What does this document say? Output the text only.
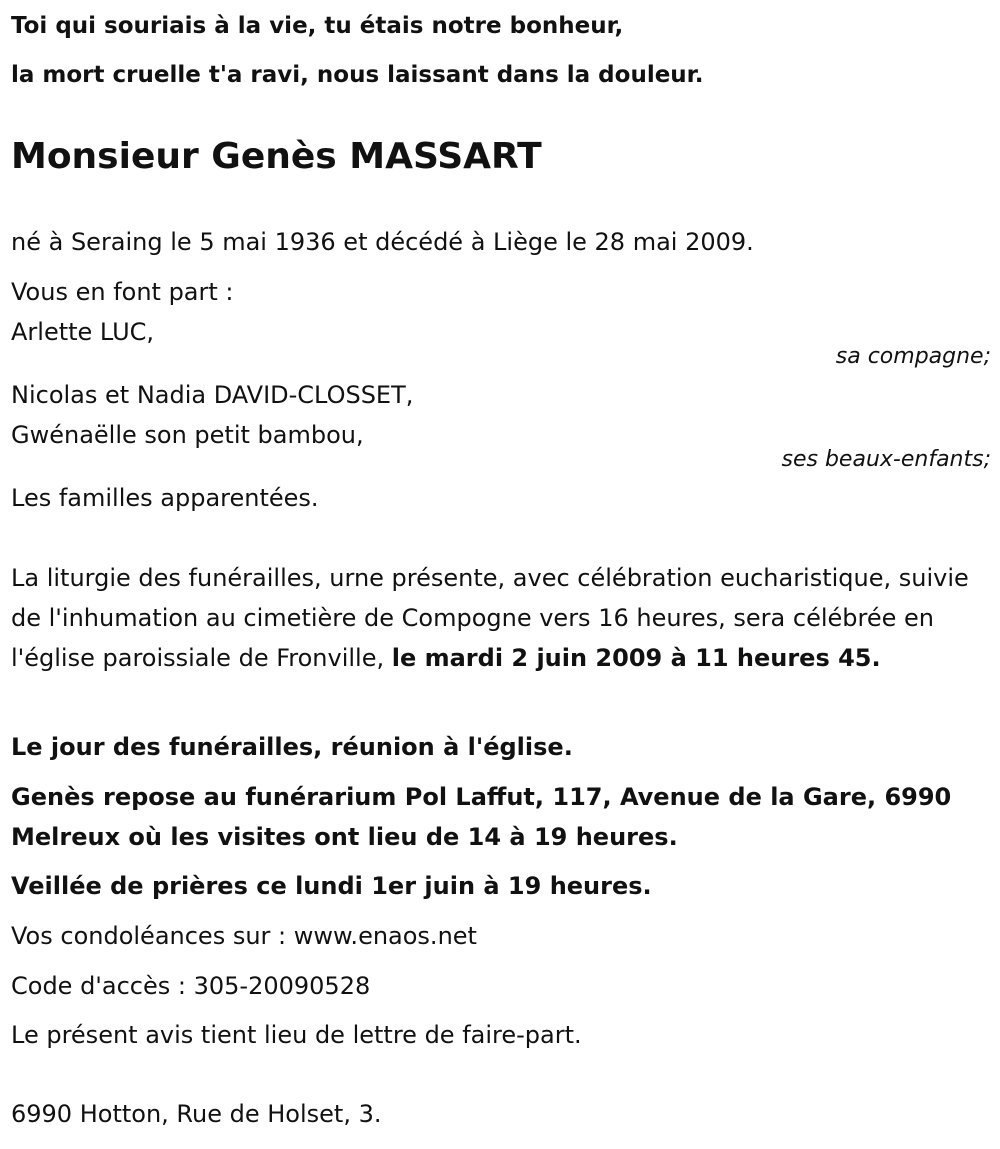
Toi qui souriais à la vie, tu étais notre bonheur,
la mort cruelle t'a ravi, nous laissant dans la douleur.
Monsieur Genès MASSART
né à Seraing le 5 mai 1936 et décédé à Liège le 28 mai 2009.
Vous en font part :
Arlette LUC,
sa compagne;
Nicolas et Nadia DAVID-CLOSSET,
Gwénaëlle son petit bambou,
ses beaux-enfants;
Les familles apparentées.
La liturgie des funérailles, urne présente, avec célébration eucharistique, suivie de l'inhumation au cimetière de Compogne vers 16 heures, sera célébrée en l'église paroissiale de Fronville, le mardi 2 juin 2009 à 11 heures 45.
Le jour des funérailles, réunion à l'église.
Genès repose au funérarium Pol Laffut, 117, Avenue de la Gare, 6990
Melreux où les visites ont lieu de 14 à 19 heures.
Veillée de prières ce lundi 1er juin à 19 heures.
Vos condoléances sur : www.enaos.net
Code d'accès : 305-20090528
Le présent avis tient lieu de lettre de faire-part.
6990 Hotton, Rue de Holset, 3.
